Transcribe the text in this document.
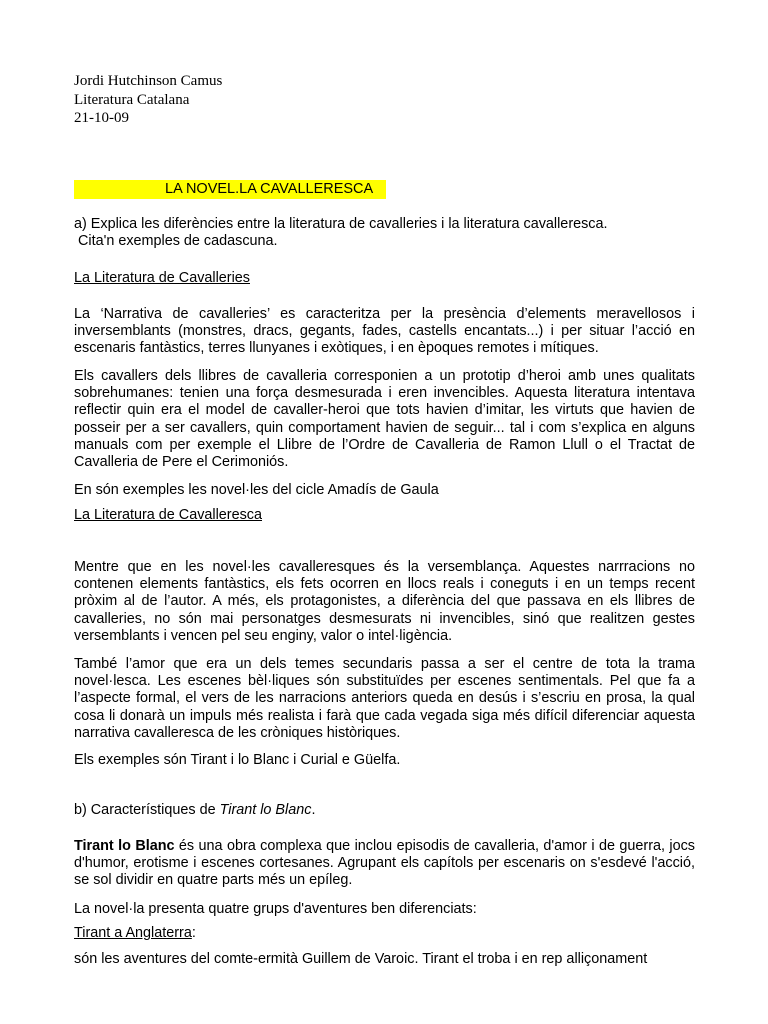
Jordi Hutchinson Camus
Literatura Catalana
21-10-09
LA NOVEL.LA CAVALLERESCA
a) Explica les diferències entre la literatura de cavalleries i la literatura cavalleresca.
Cita'n exemples de cadascuna.
La Literatura de Cavalleries
La ‘Narrativa de cavalleries’ es caracteritza per la presència d’elements meravellosos i inversemblants (monstres, dracs, gegants, fades, castells encantats...) i per situar l’acció en escenaris fantàstics, terres llunyanes i exòtiques, i en èpoques remotes i mítiques.
Els cavallers dels llibres de cavalleria corresponien a un prototip d’heroi amb unes qualitats sobrehumanes: tenien una força desmesurada i eren invencibles. Aquesta literatura intentava reflectir quin era el model de cavaller-heroi que tots havien d’imitar, les virtuts que havien de posseir per a ser cavallers, quin comportament havien de seguir... tal i com s’explica en alguns manuals com per exemple el Llibre de l’Ordre de Cavalleria de Ramon Llull o el Tractat de Cavalleria de Pere el Cerimoniós.
En són exemples les novel·les del cicle Amadís de Gaula
La Literatura de Cavalleresca
Mentre que en les novel·les cavalleresques és la versemblança. Aquestes narrracions no contenen elements fantàstics, els fets ocorren en llocs reals i coneguts i en un temps recent pròxim al de l’autor. A més, els protagonistes, a diferència del que passava en els llibres de cavalleries, no són mai personatges desmesurats ni invencibles, sinó que realitzen gestes versemblants i vencen pel seu enginy, valor o intel·ligència.
També l’amor que era un dels temes secundaris passa a ser el centre de tota la trama novel·lesca. Les escenes bèl·liques són substituïdes per escenes sentimentals. Pel que fa a l’aspecte formal, el vers de les narracions anteriors queda en desús i s’escriu en prosa, la qual cosa li donarà un impuls més realista i farà que cada vegada siga més difícil diferenciar aquesta narrativa cavalleresca de les cròniques històriques.
Els exemples són Tirant i lo Blanc i Curial e Güelfa.
b) Característiques de Tirant lo Blanc.
Tirant lo Blanc és una obra complexa que inclou episodis de cavalleria, d'amor i de guerra, jocs d'humor, erotisme i escenes cortesanes. Agrupant els capítols per escenaris on s'esdevé l'acció, se sol dividir en quatre parts més un epíleg.
La novel·la presenta quatre grups d'aventures ben diferenciats:
Tirant a Anglaterra:
són les aventures del comte-ermità Guillem de Varoic. Tirant el troba i en rep alliçonament
